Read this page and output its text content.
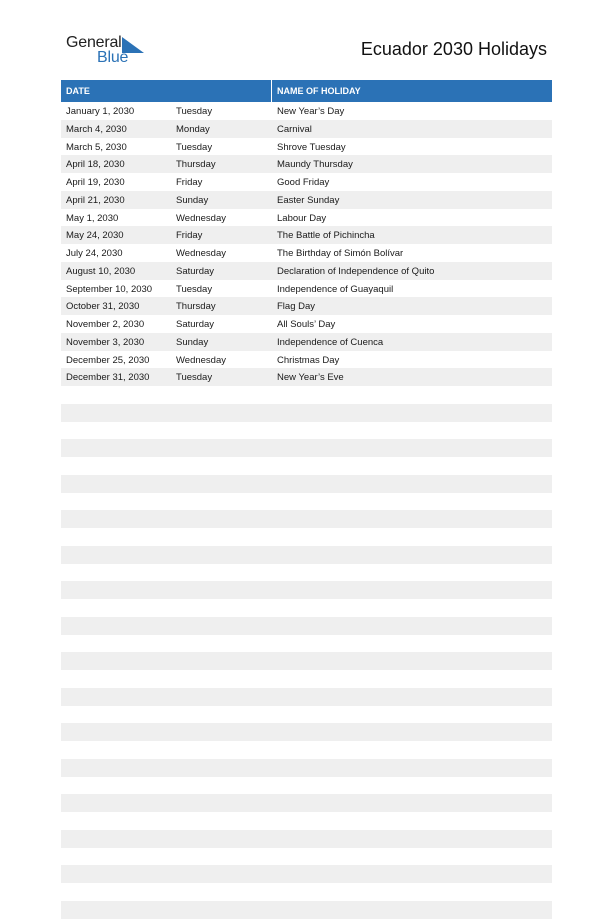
General
Blue	Ecuador 2030 Holidays
DATE	NAME OF HOLIDAY
January 1, 2030	Tuesday	New Year’s Day
March 4, 2030	Monday	Carnival
March 5, 2030	Tuesday	Shrove Tuesday
April 18, 2030	Thursday	Maundy Thursday
April 19, 2030	Friday	Good Friday
April 21, 2030	Sunday	Easter Sunday
May 1, 2030	Wednesday	Labour Day
May 24, 2030	Friday	The Battle of Pichincha
July 24, 2030	Wednesday	The Birthday of Simón Bolívar
August 10, 2030	Saturday	Declaration of Independence of Quito
September 10, 2030	Tuesday	Independence of Guayaquil
October 31, 2030	Thursday	Flag Day
November 2, 2030	Saturday	All Souls’ Day
November 3, 2030	Sunday	Independence of Cuenca
December 25, 2030	Wednesday	Christmas Day
December 31, 2030	Tuesday	New Year’s Eve
